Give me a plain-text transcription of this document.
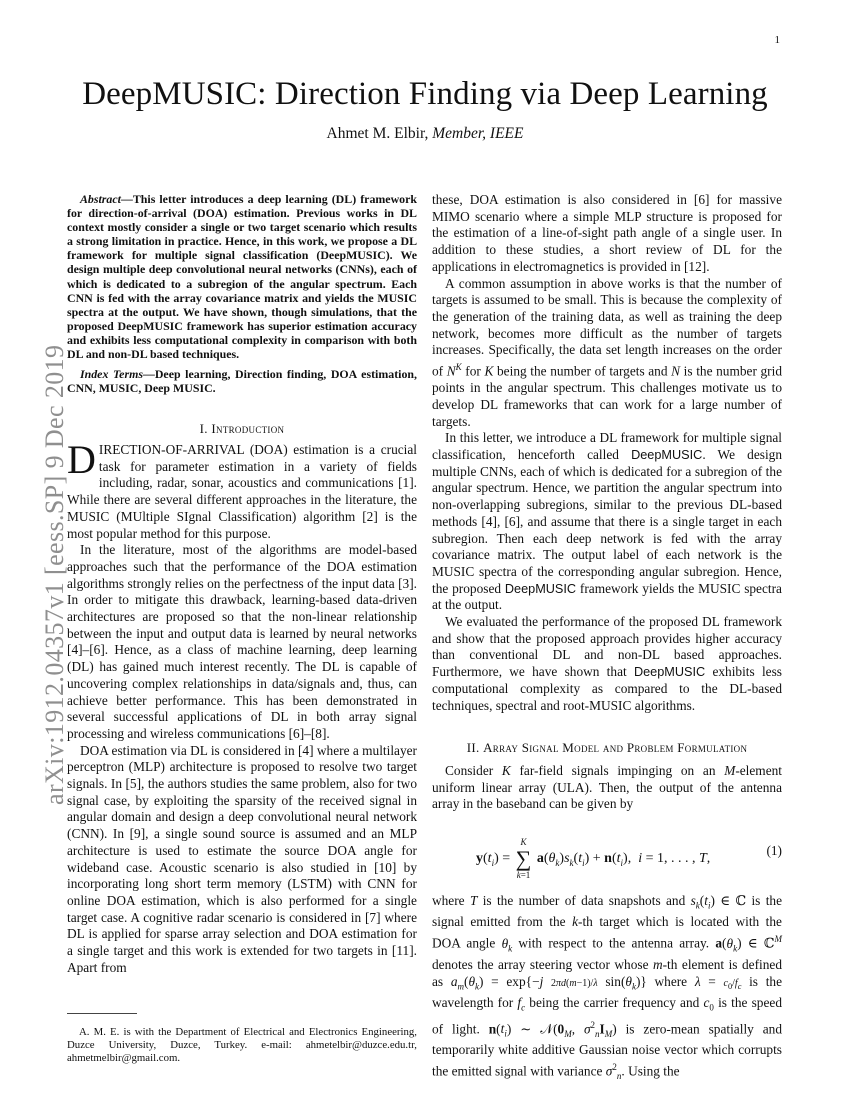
1
DeepMUSIC: Direction Finding via Deep Learning
Ahmet M. Elbir, Member, IEEE
arXiv:1912.04357v1 [eess.SP] 9 Dec 2019

Abstract—This letter introduces a deep learning (DL) framework for direction-of-arrival (DOA) estimation. Previous works in DL context mostly consider a single or two target scenario which results a strong limitation in practice. Hence, in this work, we propose a DL framework for multiple signal classification (DeepMUSIC). We design multiple deep convolutional neural networks (CNNs), each of which is dedicated to a subregion of the angular spectrum. Each CNN is fed with the array covariance matrix and yields the MUSIC spectra at the output. We have shown, though simulations, that the proposed DeepMUSIC framework has superior estimation accuracy and exhibits less computational complexity in comparison with both DL and non-DL based techniques.

Index Terms—Deep learning, Direction finding, DOA estimation, CNN, MUSIC, Deep MUSIC.

I. Introduction

DIRECTION-OF-ARRIVAL (DOA) estimation is a crucial task for parameter estimation in a variety of fields including, radar, sonar, acoustics and communications [1]. While there are several different approaches in the literature, the MUSIC (MUltiple SIgnal Classification) algorithm [2] is the most popular method for this purpose.

In the literature, most of the algorithms are model-based approaches such that the performance of the DOA estimation algorithms strongly relies on the perfectness of the input data [3]. In order to mitigate this drawback, learning-based data-driven architectures are proposed so that the non-linear relationship between the input and output data is learned by neural networks [4]–[6]. Hence, as a class of machine learning, deep learning (DL) has gained much interest recently. The DL is capable of uncovering complex relationships in data/signals and, thus, can achieve better performance. This has been demonstrated in several successful applications of DL in both array signal processing and wireless communications [6]–[8].

DOA estimation via DL is considered in [4] where a multilayer perceptron (MLP) architecture is proposed to resolve two target signals. In [5], the authors studies the same problem, also for two signal case, by exploiting the sparsity of the received signal in angular domain and design a deep convolutional neural network (CNN). In [9], a single sound source is assumed and an MLP architecture is used to estimate the source DOA angle for wideband case. Acoustic scenario is also studied in [10] by incorporating long short term memory (LSTM) with CNN for online DOA estimation, which is also performed for a single target case. A cognitive radar scenario is considered in [7] where DL is applied for sparse array selection and DOA estimation for a single target and this work is extended for two targets in [11]. Apart from

A. M. E. is with the Department of Electrical and Electronics Engineering, Duzce University, Duzce, Turkey. e-mail: ahmetelbir@duzce.edu.tr, ahmetmelbir@gmail.com.

these, DOA estimation is also considered in [6] for massive MIMO scenario where a simple MLP structure is proposed for the estimation of a line-of-sight path angle of a single user. In addition to these studies, a short review of DL for the applications in electromagnetics is provided in [12].

A common assumption in above works is that the number of targets is assumed to be small. This is because the complexity of the generation of the training data, as well as training the deep network, becomes more difficult as the number of targets increases. Specifically, the data set length increases on the order of $N^K$ for K being the number of targets and N is the number grid points in the angular spectrum. This challenges motivate us to develop DL frameworks that can work for a large number of targets.

In this letter, we introduce a DL framework for multiple signal classification, henceforth called DeepMUSIC. We design multiple CNNs, each of which is dedicated for a subregion of the angular spectrum. Hence, we partition the angular spectrum into non-overlapping subregions, similar to the previous DL-based methods [4], [6], and assume that there is a single target in each subregion. Then each deep network is fed with the array covariance matrix. The output label of each network is the MUSIC spectra of the corresponding angular subregion. Hence, the proposed DeepMUSIC framework yields the MUSIC spectra at the output.

We evaluated the performance of the proposed DL framework and show that the proposed approach provides higher accuracy than conventional DL and non-DL based approaches. Furthermore, we have shown that DeepMUSIC exhibits less computational complexity as compared to the DL-based techniques, spectral and root-MUSIC algorithms.

II. Array Signal Model and Problem Formulation

Consider K far-field signals impinging on an M-element uniform linear array (ULA). Then, the output of the antenna array in the baseband can be given by

$y(t_i)$ =
K
∑
k=1
$a(\theta_k)s_k(t_i) + n(t_i)$,  i = 1, . . . , T,
(1)

where T is the number of data snapshots and $s_k(t_i)$ ∈ ℂ is the signal emitted from the k-th target which is located with the DOA angle $\theta_k$ with respect to the antenna array. $a(\theta_k)$ ∈ ℂ$^M$ denotes the array steering vector whose m-th element is defined as $a_m(\theta_k) = \exp\{-j$ 2πd(m−1)/λ $\sin(\theta_k)$} where $\lambda = c_0/f_c$ is the wavelength for $f_c$ being the carrier frequency and $c_0$ is the speed of light. $n(t_i)$ ∼ $𝒩(0_M$, $\sigma^2_nI_M$) is zero-mean spatially and temporarily white additive Gaussian noise vector which corrupts the emitted signal with variance $\sigma^2_n$. Using the
